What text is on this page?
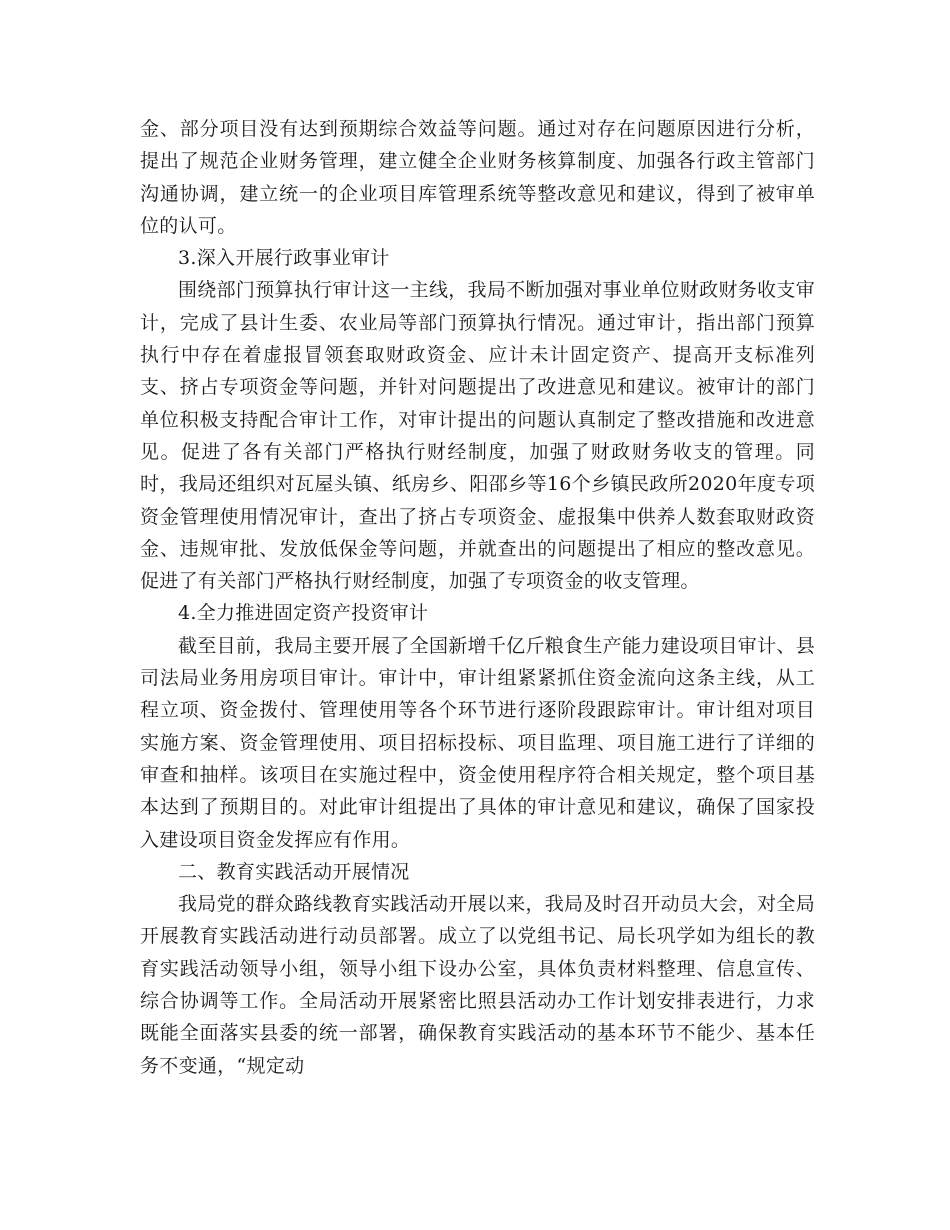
金、部分项目没有达到预期综合效益等问题。通过对存在问题原因进行分析，提出了规范企业财务管理，建立健全企业财务核算制度、加强各行政主管部门沟通协调，建立统一的企业项目库管理系统等整改意见和建议，得到了被审单位的认可。

3.深入开展行政事业审计

围绕部门预算执行审计这一主线，我局不断加强对事业单位财政财务收支审计，完成了县计生委、农业局等部门预算执行情况。通过审计，指出部门预算执行中存在着虚报冒领套取财政资金、应计未计固定资产、提高开支标准列支、挤占专项资金等问题，并针对问题提出了改进意见和建议。被审计的部门单位积极支持配合审计工作，对审计提出的问题认真制定了整改措施和改进意见。促进了各有关部门严格执行财经制度，加强了财政财务收支的管理。同时，我局还组织对瓦屋头镇、纸房乡、阳邵乡等16个乡镇民政所2020年度专项资金管理使用情况审计，查出了挤占专项资金、虚报集中供养人数套取财政资金、违规审批、发放低保金等问题，并就查出的问题提出了相应的整改意见。促进了有关部门严格执行财经制度，加强了专项资金的收支管理。

4.全力推进固定资产投资审计

截至目前，我局主要开展了全国新增千亿斤粮食生产能力建设项目审计、县司法局业务用房项目审计。审计中，审计组紧紧抓住资金流向这条主线，从工程立项、资金拨付、管理使用等各个环节进行逐阶段跟踪审计。审计组对项目实施方案、资金管理使用、项目招标投标、项目监理、项目施工进行了详细的审查和抽样。该项目在实施过程中，资金使用程序符合相关规定，整个项目基本达到了预期目的。对此审计组提出了具体的审计意见和建议，确保了国家投入建设项目资金发挥应有作用。

二、教育实践活动开展情况

我局党的群众路线教育实践活动开展以来，我局及时召开动员大会，对全局开展教育实践活动进行动员部署。成立了以党组书记、局长巩学如为组长的教育实践活动领导小组，领导小组下设办公室，具体负责材料整理、信息宣传、综合协调等工作。全局活动开展紧密比照县活动办工作计划安排表进行，力求既能全面落实县委的统一部署，确保教育实践活动的基本环节不能少、基本任务不变通，“规定动
